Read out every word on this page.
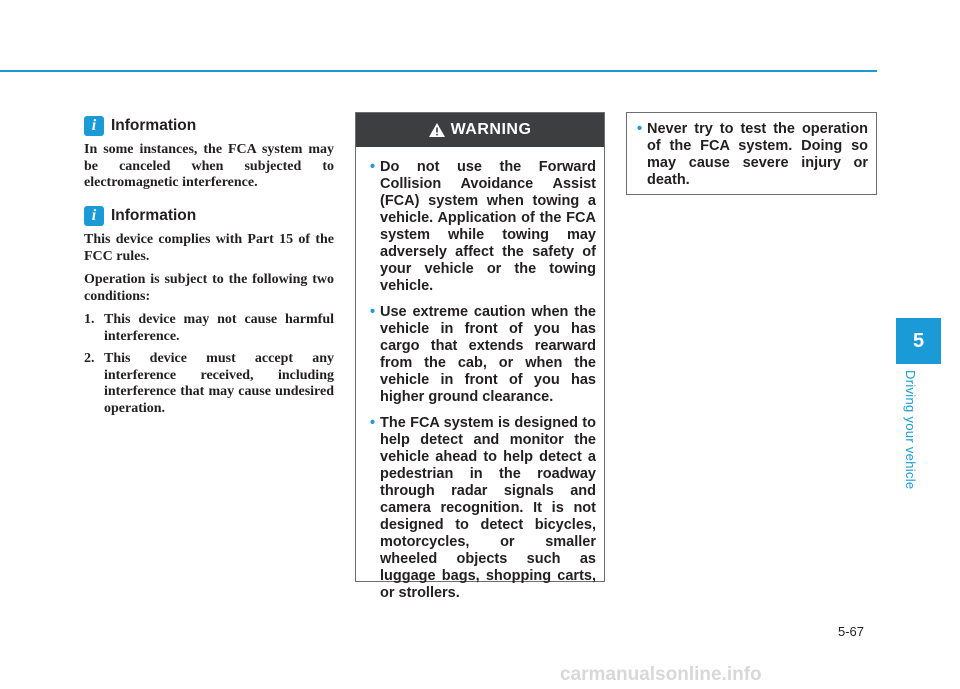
i Information

In some instances, the FCA system may be canceled when subjected to electromagnetic interference.

i Information

This device complies with Part 15 of the FCC rules.

Operation is subject to the following two conditions:

1. This device may not cause harmful interference.
2. This device must accept any interference received, including interference that may cause undesired operation.
WARNING
• Do not use the Forward Collision Avoidance Assist (FCA) system when towing a vehicle. Application of the FCA system while towing may adversely affect the safety of your vehicle or the towing vehicle.
• Use extreme caution when the vehicle in front of you has cargo that extends rearward from the cab, or when the vehicle in front of you has higher ground clearance.
• The FCA system is designed to help detect and monitor the vehicle ahead to help detect a pedestrian in the roadway through radar signals and camera recognition. It is not designed to detect bicycles, motorcycles, or smaller wheeled objects such as luggage bags, shopping carts, or strollers.
• Never try to test the operation of the FCA system. Doing so may cause severe injury or death.
5
Driving your vehicle
5-67
carmanualsonline.info
